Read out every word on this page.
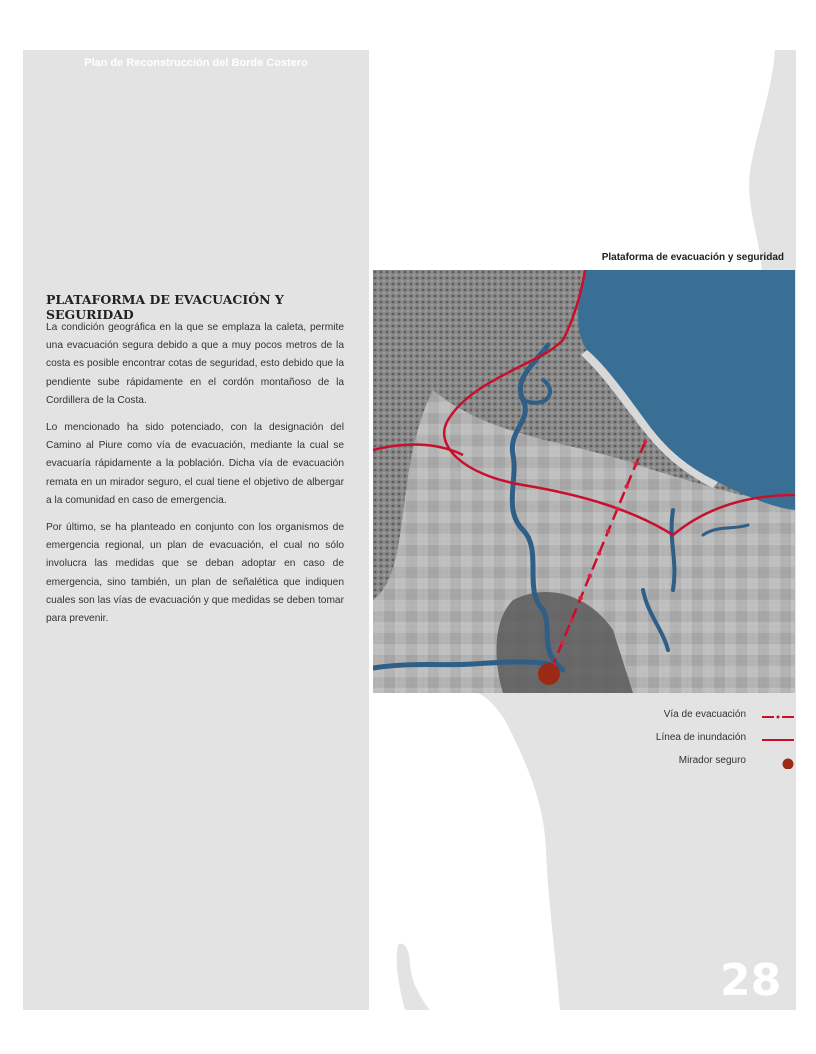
Plan de Reconstrucción del Borde Costero	PRBC18
PLATAFORMA DE EVACUACIÓN Y SEGURIDAD

La condición geográfica en la que se emplaza la caleta, permite una evacuación segura debido a que a muy pocos metros de la costa es posible encontrar cotas de seguridad, esto debido que la pendiente sube rápidamente en el cordón montañoso de la Cordillera de la Costa.

Lo mencionado ha sido potenciado, con la designación del Camino al Piure como vía de evacuación, mediante la cual se evacuaría rápidamente a la población. Dicha vía de evacuación remata en un mirador seguro, el cual tiene el objetivo de albergar a la comunidad en caso de emergencia.

Por último, se ha planteado en conjunto con los organismos de emergencia regional, un plan de evacuación, el cual no sólo involucra las medidas que se deban adoptar en caso de emergencia, sino también, un plan de señalética que indiquen cuales son las vías de evacuación y que medidas se deben tomar para prevenir.

Plataforma de evacuación y seguridad
Vía de evacuación
Línea de inundación
Mirador seguro
28
